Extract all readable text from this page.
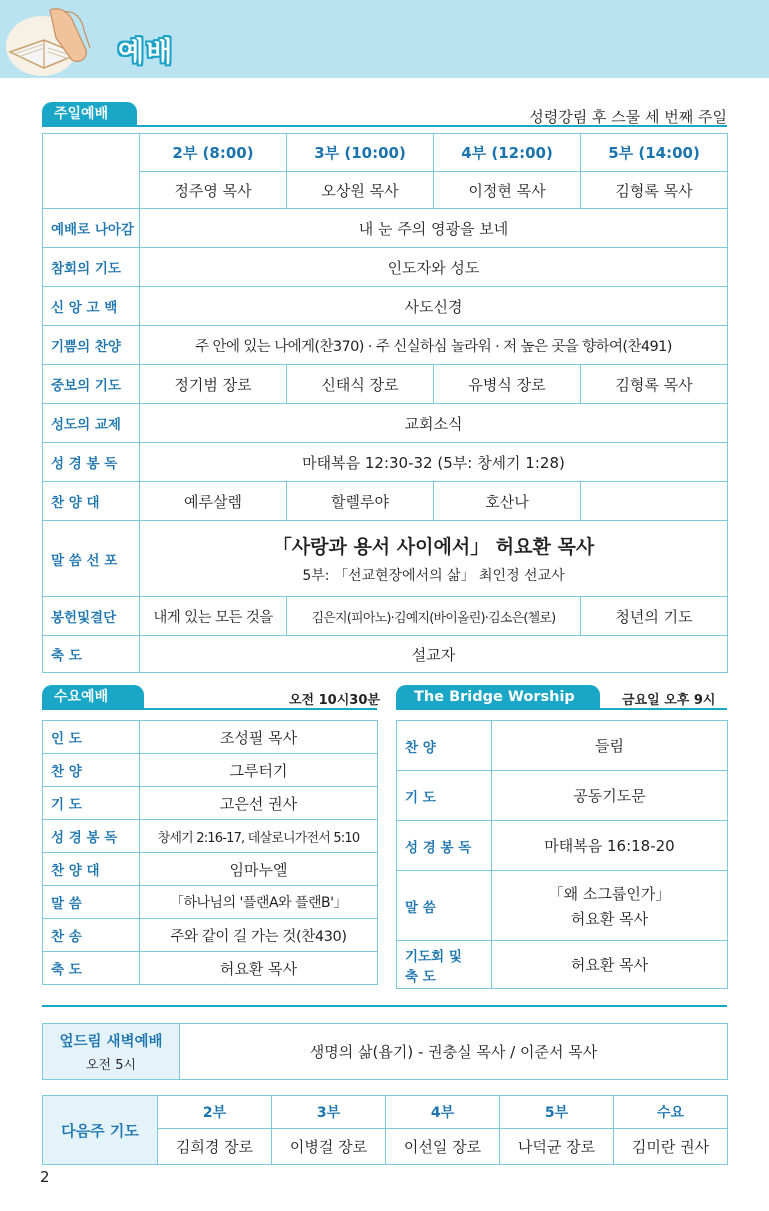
예배
주일예배	성령강림 후 스물 세 번째 주일
	2부 (8:00)	3부 (10:00)	4부 (12:00)	5부 (14:00)
	정주영 목사	오상원 목사	이정현 목사	김형록 목사
예배로 나아감	내 눈 주의 영광을 보네			
참회의 기도	인도자와 성도			
신 앙 고 백	사도신경			
기쁨의 찬양	주 안에 있는 나에게(찬370) · 주 신실하심 놀라워 · 저 높은 곳을 향하여(찬491)			
중보의 기도	정기범 장로	신태식 장로	유병식 장로	김형록 목사
성도의 교제	교회소식			
성 경 봉 독	마태복음 12:30-32 (5부: 창세기 1:28)			
찬 양 대	예루살렘	할렐루야	호산나	
말 씀 선 포	「사랑과 용서 사이에서」 허요환 목사
5부: 「선교현장에서의 삶」 최인정 선교사			

봉헌및결단	내게 있는 모든 것을	김은지(피아노)·김예지(바이올린)·김소은(첼로)		청년의 기도
축 도	설교자			
수요예배	오전 10시30분
인 도	조성필 목사
찬 양	그루터기
기 도	고은선 권사
성 경 봉 독	창세기 2:16-17, 데살로니가전서 5:10
찬 양 대	임마누엘
말 씀	「하나님의 '플랜A와 플랜B'」
찬 송	주와 같이 길 가는 것(찬430)
축 도	허요환 목사
The Bridge Worship	금요일 오후 9시
찬 양	들림
기 도	공동기도문
성 경 봉 독	마태복음 16:18-20
말 씀	「왜 소그룹인가」
허요환 목사

기도회 및
축 도	허요환 목사
엎드림 새벽예배
오전 5시
	생명의 삶(욥기) - 권충실 목사 / 이준서 목사
다음주 기도	2부	3부	4부	5부	수요
	김희경 장로	이병걸 장로	이선일 장로	나덕균 장로	김미란 권사
2
